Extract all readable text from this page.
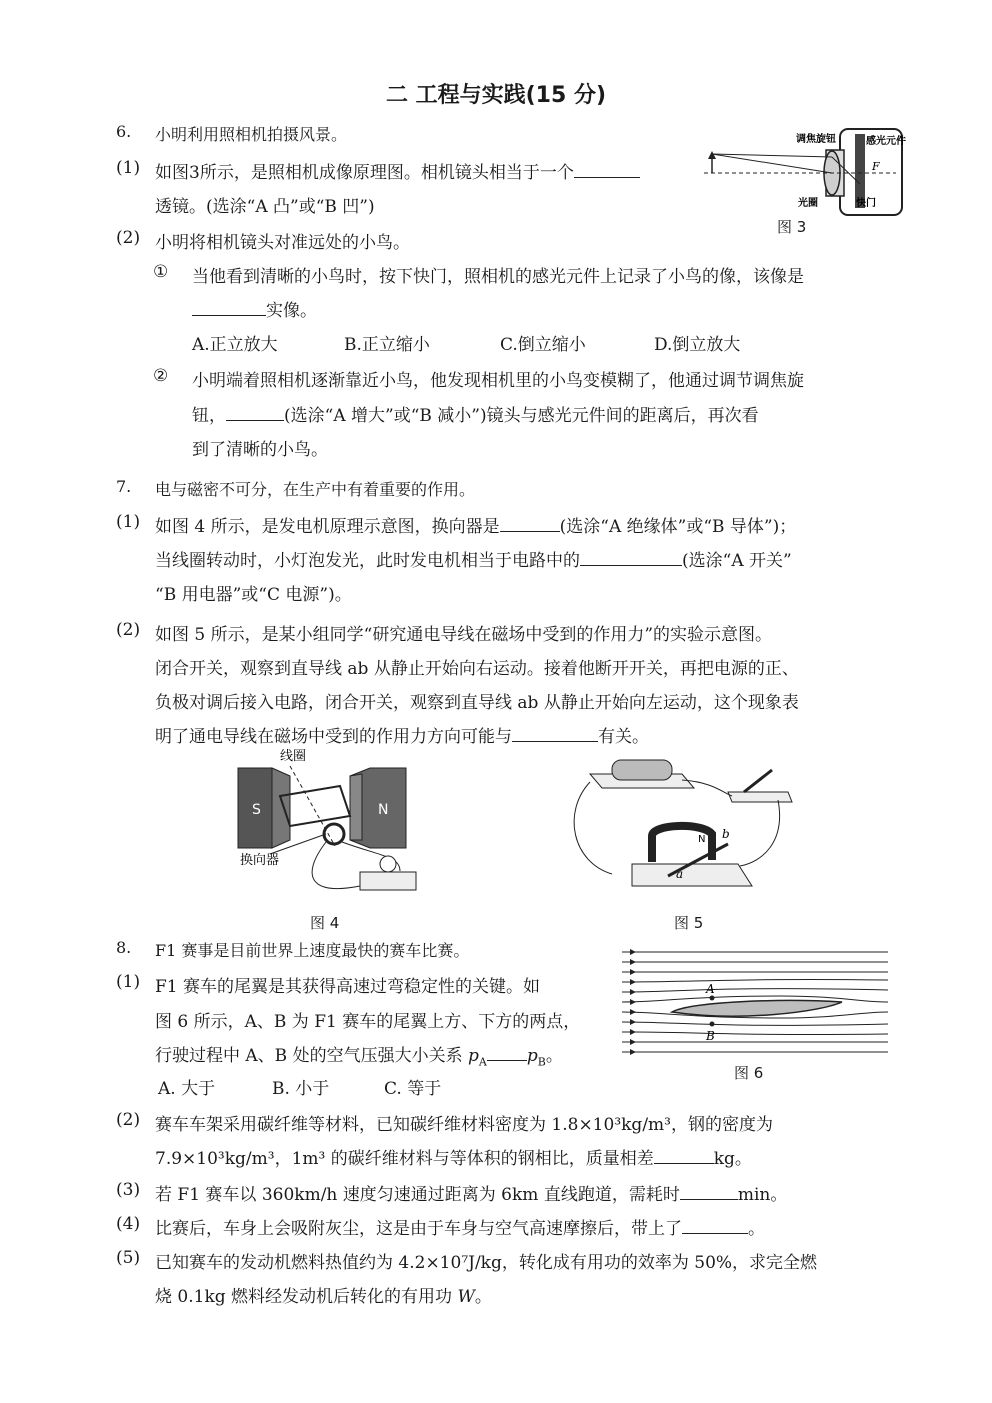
二 工程与实践(15 分)
6. 小明利用照相机拍摄风景。
(1) 如图3所示，是照相机成像原理图。相机镜头相当于一个
透镜。(选涂“A 凸”或“B 凹”)
(2) 小明将相机镜头对准远处的小鸟。
① 当他看到清晰的小鸟时，按下快门，照相机的感光元件上记录了小鸟的像，该像是
实像。
A.正立放大	B.正立缩小	C.倒立缩小	D.倒立放大
② 小明端着照相机逐渐靠近小鸟，他发现相机里的小鸟变模糊了，他通过调节调焦旋
钮，	(选涂“A 增大”或“B 减小”)镜头与感光元件间的距离后，再次看
到了清晰的小鸟。
F
调焦旋钮	感光元件
光圈	快门
图 3
7. 电与磁密不可分，在生产中有着重要的作用。
(1) 如图 4 所示，是发电机原理示意图，换向器是	(选涂“A 绝缘体”或“B 导体”)；
当线圈转动时，小灯泡发光，此时发电机相当于电路中的	(选涂“A 开关”
“B 用电器”或“C 电源”)。
(2) 如图 5 所示，是某小组同学“研究通电导线在磁场中受到的作用力”的实验示意图。
闭合开关，观察到直导线 ab 从静止开始向右运动。接着他断开开关，再把电源的正、
负极对调后接入电路，闭合开关，观察到直导线 ab 从静止开始向左运动，这个现象表
明了通电导线在磁场中受到的作用力方向可能与	有关。
线圈
S	N
换向器
图 4
N
a
b
图 5
8. F1 赛事是目前世界上速度最快的赛车比赛。
(1) F1 赛车的尾翼是其获得高速过弯稳定性的关键。如
图 6 所示，A、B 为 F1 赛车的尾翼上方、下方的两点，
行驶过程中 A、B 处的空气压强大小关系 $p_A$ $p_B$。
A. 大于	B. 小于	C. 等于
A
B
图 6
(2) 赛车车架采用碳纤维等材料，已知碳纤维材料密度为 1.8×10³kg/m³，钢的密度为
7.9×10³kg/m³，1m³ 的碳纤维材料与等体积的钢相比，质量相差	kg。
(3) 若 F1 赛车以 360km/h 速度匀速通过距离为 6km 直线跑道，需耗时	min。
(4) 比赛后，车身上会吸附灰尘，这是由于车身与空气高速摩擦后，带上了	。
(5) 已知赛车的发动机燃料热值约为 4.2×10⁷J/kg，转化成有用功的效率为 50%，求完全燃
烧 0.1kg 燃料经发动机后转化的有用功 W。
